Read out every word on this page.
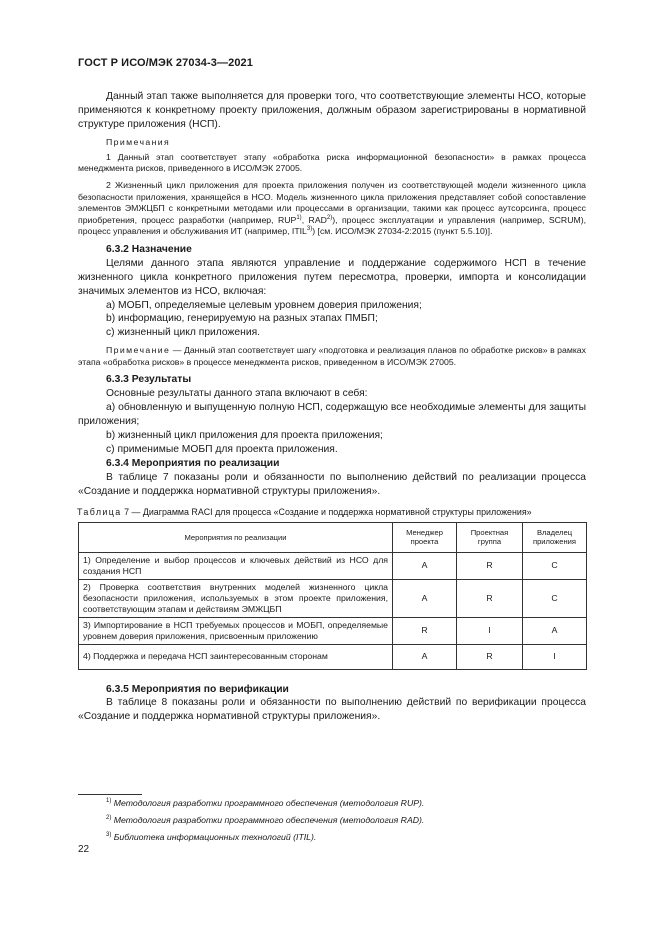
ГОСТ Р ИСО/МЭК 27034-3—2021

Данный этап также выполняется для проверки того, что соответствующие элементы НСО, которые применяются к конкретному проекту приложения, должным образом зарегистрированы в нормативной структуре приложения (НСП).

Примечания

1 Данный этап соответствует этапу «обработка риска информационной безопасности» в рамках процесса менеджмента рисков, приведенного в ИСО/МЭК 27005.

2 Жизненный цикл приложения для проекта приложения получен из соответствующей модели жизненного цикла безопасности приложения, хранящейся в НСО. Модель жизненного цикла приложения представляет собой сопоставление элементов ЭМЖЦБП с конкретными методами или процессами в организации, такими как процесс аутсорсинга, процесс приобретения, процесс разработки (например, RUP$^{1)}$, RAD$^{2)}$), процесс эксплуатации и управления (например, SCRUM), процесс управления и обслуживания ИТ (например, ITIL$^{3)}$) [см. ИСО/МЭК 27034-2:2015 (пункт 5.5.10)].

6.3.2 Назначение

Целями данного этапа являются управление и поддержание содержимого НСП в течение жизненного цикла конкретного приложения путем пересмотра, проверки, импорта и консолидации значимых элементов из НСО, включая:

a) МОБП, определяемые целевым уровнем доверия приложения;

b) информацию, генерируемую на разных этапах ПМБП;

c) жизненный цикл приложения.

Примечание — Данный этап соответствует шагу «подготовка и реализация планов по обработке рисков» в рамках этапа «обработка рисков» в процессе менеджмента рисков, приведенном в ИСО/МЭК 27005.

6.3.3 Результаты

Основные результаты данного этапа включают в себя:

a) обновленную и выпущенную полную НСП, содержащую все необходимые элементы для защиты приложения;

b) жизненный цикл приложения для проекта приложения;

c) применимые МОБП для проекта приложения.

6.3.4 Мероприятия по реализации

В таблице 7 показаны роли и обязанности по выполнению действий по реализации процесса «Создание и поддержка нормативной структуры приложения».

Таблица 7 — Диаграмма RACI для процесса «Создание и поддержка нормативной структуры приложения»

Мероприятия по реализации	Менеджер проекта	Проектная группа	Владелец приложения
1) Определение и выбор процессов и ключевых действий из НСО для создания НСП	A	R	C
2) Проверка соответствия внутренних моделей жизненного цикла безопасности приложения, используемых в этом проекте приложения, соответствующим этапам и действиям ЭМЖЦБП	A	R	C
3) Импортирование в НСП требуемых процессов и МОБП, определяемые уровнем доверия приложения, присвоенным приложению	R	I	A
4) Поддержка и передача НСП заинтересованным сторонам	A	R	I

6.3.5 Мероприятия по верификации

В таблице 8 показаны роли и обязанности по выполнению действий по верификации процесса «Создание и поддержка нормативной структуры приложения».

$^{1)}$ Методология разработки программного обеспечения (методология RUP).

$^{2)}$ Методология разработки программного обеспечения (методология RAD).

$^{3)}$ Библиотека информационных технологий (ITIL).

22
